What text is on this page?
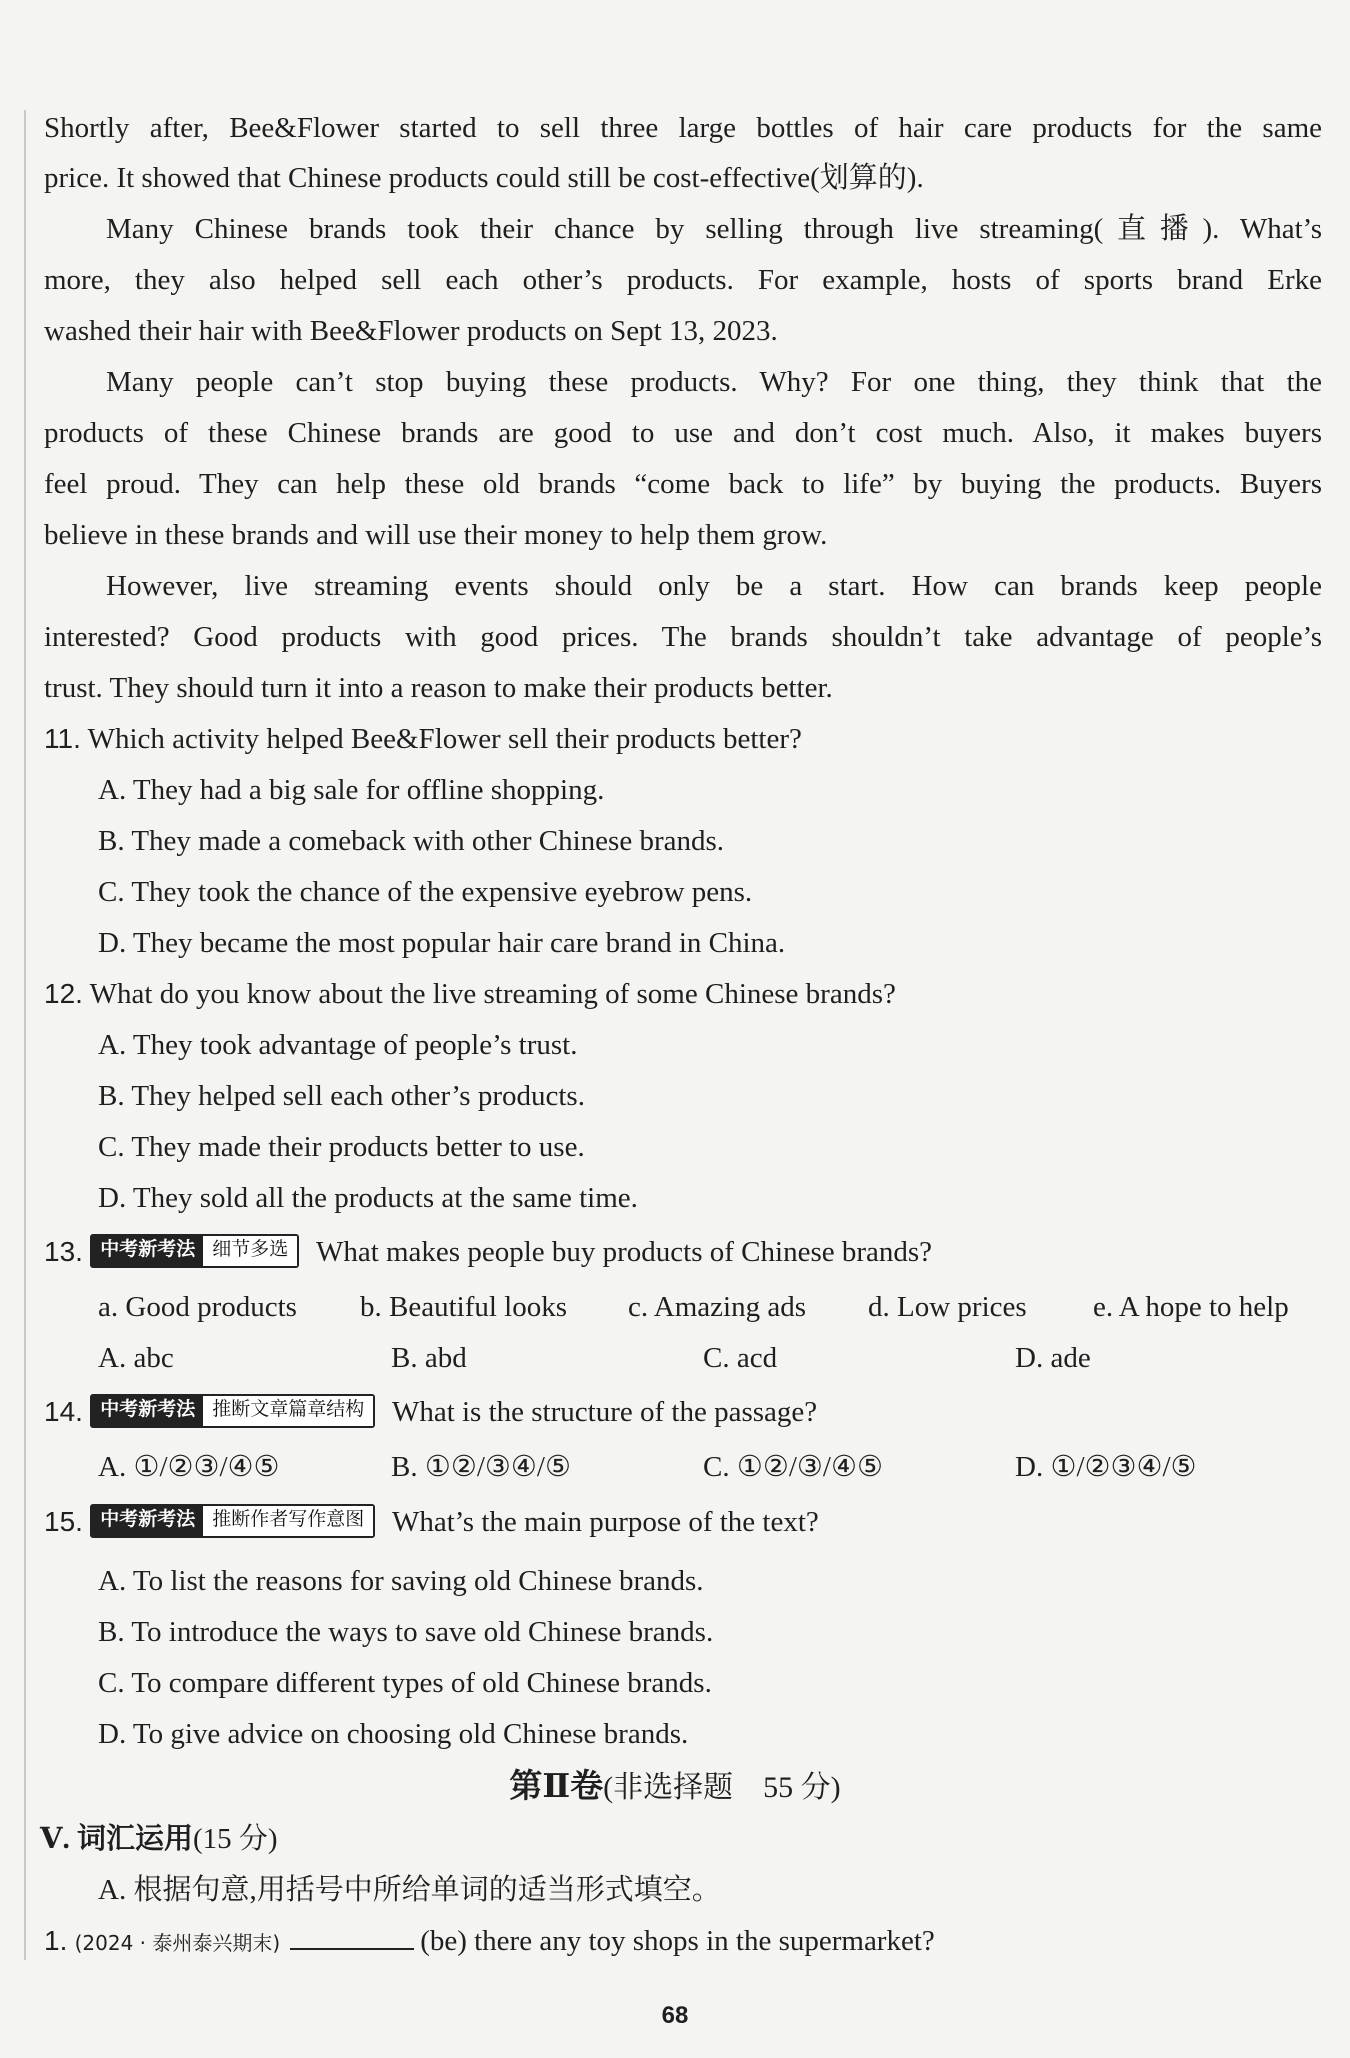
Shortly after, Bee&Flower started to sell three large bottles of hair care products for the same
price. It showed that Chinese products could still be cost-effective(划算的).
Many Chinese brands took their chance by selling through live streaming(直播). What’s
more, they also helped sell each other’s products. For example, hosts of sports brand Erke
washed their hair with Bee&Flower products on Sept 13, 2023.
Many people can’t stop buying these products. Why? For one thing, they think that the
products of these Chinese brands are good to use and don’t cost much. Also, it makes buyers
feel proud. They can help these old brands “come back to life” by buying the products. Buyers
believe in these brands and will use their money to help them grow.
However, live streaming events should only be a start. How can brands keep people
interested? Good products with good prices. The brands shouldn’t take advantage of people’s
trust. They should turn it into a reason to make their products better.
11. Which activity helped Bee&Flower sell their products better?
A. They had a big sale for offline shopping.
B. They made a comeback with other Chinese brands.
C. They took the chance of the expensive eyebrow pens.
D. They became the most popular hair care brand in China.
12. What do you know about the live streaming of some Chinese brands?
A. They took advantage of people’s trust.
B. They helped sell each other’s products.
C. They made their products better to use.
D. They sold all the products at the same time.
13. 中考新考法 细节多选 What makes people buy products of Chinese brands?
a. Good products b. Beautiful looks c. Amazing ads d. Low prices e. A hope to help
A. abc	B. abd	C. acd	D. ade
14. 中考新考法 推断文章篇章结构 What is the structure of the passage?
A. ①/②③/④⑤	B. ①②/③④/⑤	C. ①②/③/④⑤	D. ①/②③④/⑤
15. 中考新考法 推断作者写作意图 What’s the main purpose of the text?
A. To list the reasons for saving old Chinese brands.
B. To introduce the ways to save old Chinese brands.
C. To compare different types of old Chinese brands.
D. To give advice on choosing old Chinese brands.
第Ⅱ卷(非选择题　55 分)
Ⅴ. 词汇运用(15 分)
A. 根据句意,用括号中所给单词的适当形式填空。
1. (2024 · 泰州泰兴期末)	(be) there any toy shops in the supermarket?
68
